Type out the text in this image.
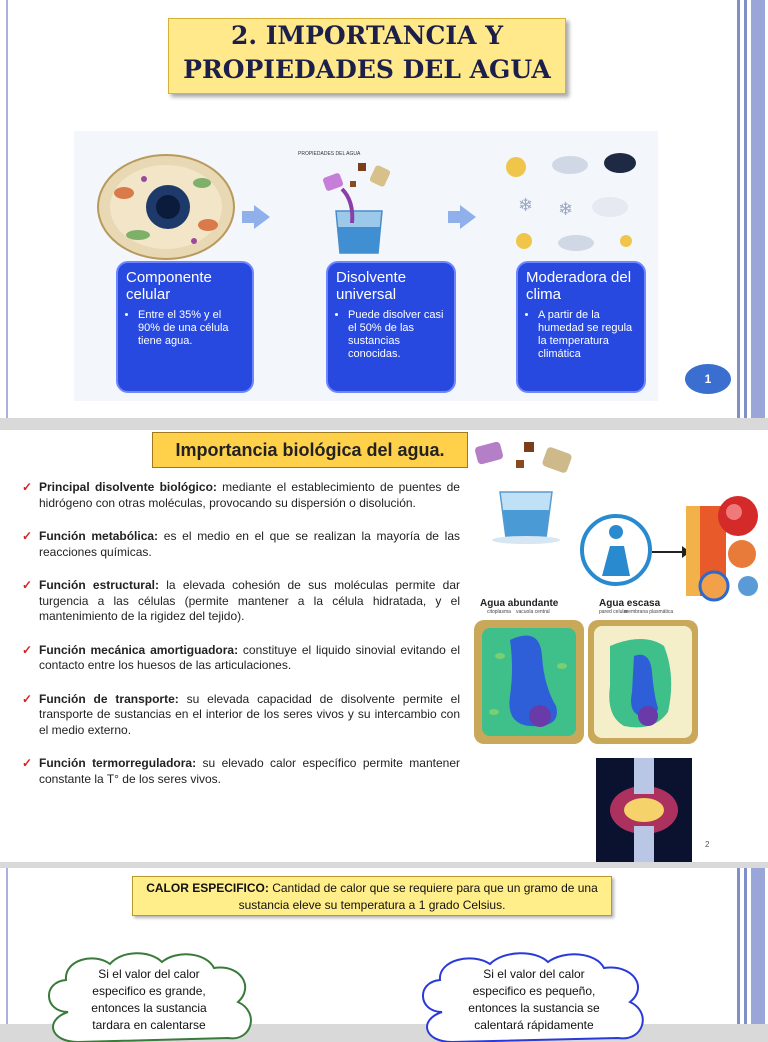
2. IMPORTANCIA Y
PROPIEDADES DEL AGUA
PROPIEDADES DEL AGUA
❄ ❄
Componente celular
• Entre el 35% y el 90% de una célula tiene agua.
Disolvente universal
• Puede disolver casi el 50% de las sustancias conocidas.
Moderadora del clima
• A partir de la humedad se regula la temperatura climática
1
Importancia biológica del agua.
✓ Principal disolvente biológico: mediante el establecimiento de puentes de hidrógeno con otras moléculas, provocando su dispersión o disolución.
✓ Función metabólica: es el medio en el que se realizan la mayoría de las reacciones químicas.
✓ Función estructural: la elevada cohesión de sus moléculas permite dar turgencia a las células (permite mantener a la célula hidratada, y el mantenimiento de la rigidez del tejido).
✓ Función mecánica amortiguadora: constituye el liquido sinovial evitando el contacto entre los huesos de las articulaciones.
✓ Función de transporte: su elevada capacidad de disolvente permite el transporte de sustancias en el interior de los seres vivos y su intercambio con el medio externo.
✓ Función termorreguladora: su elevado calor específico permite mantener constante la T° de los seres vivos.
Agua abundante	Agua escasa
citoplasma vacuola central	pared celular
membrana plasmática
2
CALOR ESPECIFICO: Cantidad de calor que se requiere para que un gramo de una sustancia eleve su temperatura a 1 grado Celsius.
Si el valor del calor
especifico es grande,
entonces la sustancia
tardara en calentarse
Si el valor del calor
especifico es pequeño,
entonces la sustancia se
calentará rápidamente
